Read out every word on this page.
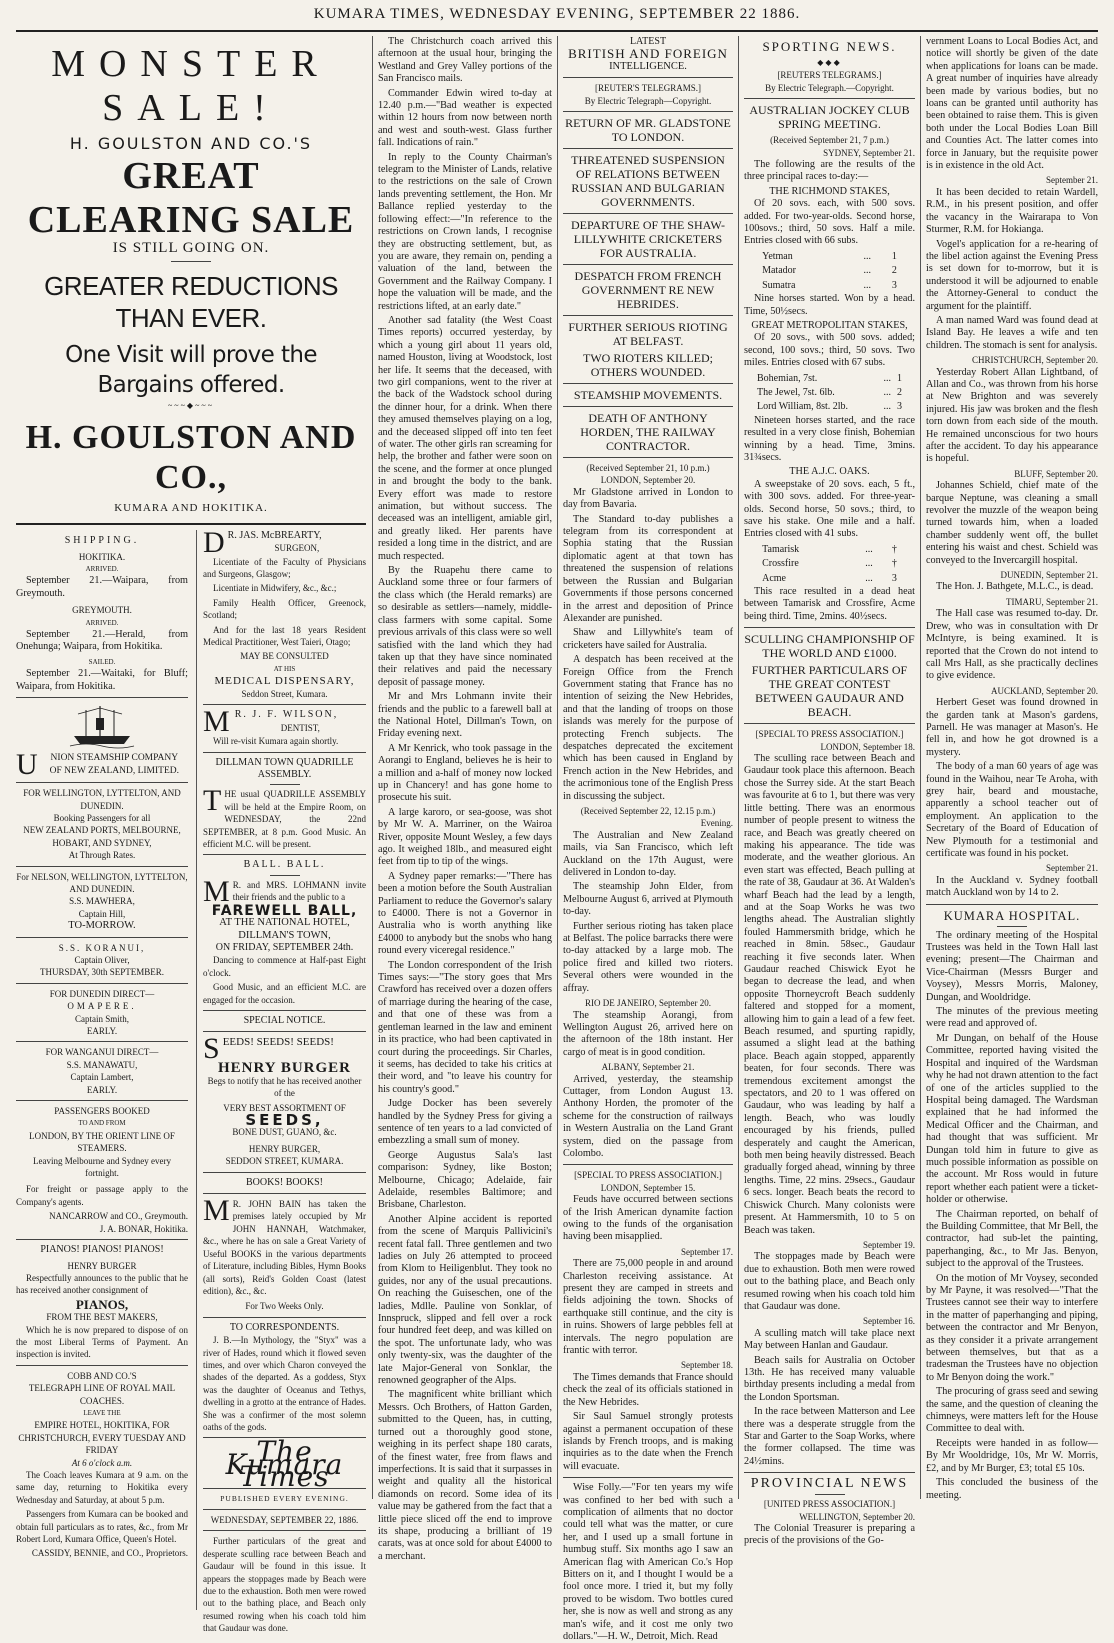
KUMARA TIMES, WEDNESDAY EVENING, SEPTEMBER 22 1886.
MONSTER SALE!
H. GOULSTON AND CO.'S
GREAT CLEARING SALE
IS STILL GOING ON.
GREATER REDUCTIONS THAN EVER.
One Visit will prove the Bargains offered.
~~~◆~~~
H. GOULSTON AND CO.,
KUMARA AND HOKITIKA.
SHIPPING.
HOKITIKA.
ARRIVED.

September 21.—Waipara, from Greymouth.

GREYMOUTH.
ARRIVED.

September 21.—Herald, from Onehunga; Waipara, from Hokitika.

SAILED.

September 21.—Waitaki, for Bluff; Waipara, from Hokitika.

U NION STEAMSHIP COMPANY
OF NEW ZEALAND, LIMITED.
FOR WELLINGTON, LYTTELTON, AND DUNEDIN.
Booking Passengers for all
NEW ZEALAND PORTS, MELBOURNE, HOBART, AND SYDNEY,
At Through Rates.
For NELSON, WELLINGTON, LYTTELTON, AND DUNEDIN.
S.S. MAWHERA,
Captain Hill,
TO-MORROW.
S.S. KORANUI,
Captain Oliver,
THURSDAY, 30th SEPTEMBER.
FOR DUNEDIN DIRECT—
OMAPERE.
Captain Smith,
EARLY.
FOR WANGANUI DIRECT—
S.S. MANAWATU,
Captain Lambert,
EARLY.
PASSENGERS BOOKED
TO AND FROM
LONDON, BY THE ORIENT LINE OF STEAMERS.
Leaving Melbourne and Sydney every fortnight.

For freight or passage apply to the Company's agents.

NANCARROW and CO., Greymouth.
J. A. BONAR, Hokitika.
PIANOS! PIANOS! PIANOS!
HENRY BURGER

Respectfully announces to the public that he has received another consignment of

PIANOS,
FROM THE BEST MAKERS,

Which he is now prepared to dispose of on the most Liberal Terms of Payment. An inspection is invited.

COBB AND CO.'S
TELEGRAPH LINE OF ROYAL MAIL COACHES.
LEAVE THE
EMPIRE HOTEL, HOKITIKA, FOR CHRISTCHURCH, EVERY TUESDAY AND FRIDAY
At 6 o'clock a.m.

The Coach leaves Kumara at 9 a.m. on the same day, returning to Hokitika every Wednesday and Saturday, at about 5 p.m.

Passengers from Kumara can be booked and obtain full particulars as to rates, &c., from Mr Robert Lord, Kumara Office, Queen's Hotel.

CASSIDY, BENNIE, and CO., Proprietors.
D R. JAS. McBREARTY,
SURGEON,

Licentiate of the Faculty of Physicians and Surgeons, Glasgow;

Licentiate in Midwifery, &c., &c.;

Family Health Officer, Greenock, Scotland;

And for the last 18 years Resident Medical Practitioner, West Taieri, Otago;

MAY BE CONSULTED
AT HIS
MEDICAL DISPENSARY,
Seddon Street, Kumara.
M R. J. F. WILSON,
DENTIST,

Will re-visit Kumara again shortly.

DILLMAN TOWN QUADRILLE ASSEMBLY.
THE usual QUADRILLE ASSEMBLY will be held at the Empire Room, on WEDNESDAY, the 22nd SEPTEMBER, at 8 p.m. Good Music. An efficient M.C. will be present.
BALL. BALL.
M R. and MRS. LOHMANN invite their friends and the public to a
FAREWELL BALL,
AT THE NATIONAL HOTEL,
DILLMAN'S TOWN,
ON FRIDAY, SEPTEMBER 24th.

Dancing to commence at Half-past Eight o'clock.

Good Music, and an efficient M.C. are engaged for the occasion.

SPECIAL NOTICE.
SEEDS! SEEDS! SEEDS!
HENRY BURGER

Begs to notify that he has received another of the

VERY BEST ASSORTMENT OF
SEEDS,
BONE DUST, GUANO, &c.
HENRY BURGER,
SEDDON STREET, KUMARA.
BOOKS! BOOKS!
M R. JOHN BAIN has taken the premises lately occupied by Mr JOHN HANNAH, Watchmaker, &c., where he has on sale a Great Variety of Useful BOOKS in the various departments of Literature, including Bibles, Hymn Books (all sorts), Reid's Golden Coast (latest edition), &c., &c.
For Two Weeks Only.
TO CORRESPONDENTS.

J. B.—In Mythology, the "Styx" was a river of Hades, round which it flowed seven times, and over which Charon conveyed the shades of the departed. As a goddess, Styx was the daughter of Oceanus and Tethys, dwelling in a grotto at the entrance of Hades. She was a confirmer of the most solemn oaths of the gods.

The Kumara Times
PUBLISHED EVERY EVENING.
WEDNESDAY, SEPTEMBER 22, 1886.

Further particulars of the great and desperate sculling race between Beach and Gaudaur will be found in this issue. It appears the stoppages made by Beach were due to the exhaustion. Both men were rowed out to the bathing place, and Beach only resumed rowing when his coach told him that Gaudaur was done.

The Christchurch coach arrived this afternoon at the usual hour, bringing the Westland and Grey Valley portions of the San Francisco mails.

Commander Edwin wired to-day at 12.40 p.m.—"Bad weather is expected within 12 hours from now between north and west and south-west. Glass further fall. Indications of rain."

In reply to the County Chairman's telegram to the Minister of Lands, relative to the restrictions on the sale of Crown lands preventing settlement, the Hon. Mr Ballance replied yesterday to the following effect:—"In reference to the restrictions on Crown lands, I recognise they are obstructing settlement, but, as you are aware, they remain on, pending a valuation of the land, between the Government and the Railway Company. I hope the valuation will be made, and the restrictions lifted, at an early date."

Another sad fatality (the West Coast Times reports) occurred yesterday, by which a young girl about 11 years old, named Houston, living at Woodstock, lost her life. It seems that the deceased, with two girl companions, went to the river at the back of the Wadstock school during the dinner hour, for a drink. When there they amused themselves playing on a log, and the deceased slipped off into ten feet of water. The other girls ran screaming for help, the brother and father were soon on the scene, and the former at once plunged in and brought the body to the bank. Every effort was made to restore animation, but without success. The deceased was an intelligent, amiable girl, and greatly liked. Her parents have resided a long time in the district, and are much respected.

By the Ruapehu there came to Auckland some three or four farmers of the class which (the Herald remarks) are so desirable as settlers—namely, middle-class farmers with some capital. Some previous arrivals of this class were so well satisfied with the land which they had taken up that they have since nominated their relatives and paid the necessary deposit of passage money.

Mr and Mrs Lohmann invite their friends and the public to a farewell ball at the National Hotel, Dillman's Town, on Friday evening next.

A Mr Kenrick, who took passage in the Aorangi to England, believes he is heir to a million and a-half of money now locked up in Chancery! and has gone home to prosecute his suit.

A large karoro, or sea-goose, was shot by Mr W. A. Marriner, on the Wairoa River, opposite Mount Wesley, a few days ago. It weighed 18lb., and measured eight feet from tip to tip of the wings.

A Sydney paper remarks:—"There has been a motion before the South Australian Parliament to reduce the Governor's salary to £4000. There is not a Governor in Australia who is worth anything like £4000 to anybody but the snobs who hang round every viceregal residence."

The London correspondent of the Irish Times says:—"The story goes that Mrs Crawford has received over a dozen offers of marriage during the hearing of the case, and that one of these was from a gentleman learned in the law and eminent in its practice, who had been captivated in court during the proceedings. Sir Charles, it seems, has decided to take his critics at their word, and "to leave his country for his country's good."

Judge Docker has been severely handled by the Sydney Press for giving a sentence of ten years to a lad convicted of embezzling a small sum of money.

George Augustus Sala's last comparison: Sydney, like Boston; Melbourne, Chicago; Adelaide, fair Adelaide, resembles Baltimore; and Brisbane, Charleston.

Another Alpine accident is reported from the scene of Marquis Pallivicini's recent fatal fall. Three gentlemen and two ladies on July 26 attempted to proceed from Klom to Heiligenblut. They took no guides, nor any of the usual precautions. On reaching the Guiseschen, one of the ladies, Mdlle. Pauline von Sonklar, of Innspruck, slipped and fell over a rock four hundred feet deep, and was killed on the spot. The unfortunate lady, who was only twenty-six, was the daughter of the late Major-General von Sonklar, the renowned geographer of the Alps.

The magnificent white brilliant which Messrs. Och Brothers, of Hatton Garden, submitted to the Queen, has, in cutting, turned out a thoroughly good stone, weighing in its perfect shape 180 carats, of the finest water, free from flaws and imperfections. It is said that it surpasses in weight and quality all the historical diamonds on record. Some idea of its value may be gathered from the fact that a little piece sliced off the end to improve its shape, producing a brilliant of 19 carats, was at once sold for about £4000 to a merchant.

LATEST
BRITISH AND FOREIGN
INTELLIGENCE.
[REUTER'S TELEGRAMS.]
By Electric Telegraph—Copyright.
RETURN OF MR. GLADSTONE TO LONDON.
THREATENED SUSPENSION OF RELATIONS BETWEEN RUSSIAN AND BULGARIAN GOVERNMENTS.
DEPARTURE OF THE SHAW-LILLYWHITE CRICKETERS FOR AUSTRALIA.
DESPATCH FROM FRENCH GOVERNMENT RE NEW HEBRIDES.
FURTHER SERIOUS RIOTING AT BELFAST.
TWO RIOTERS KILLED; OTHERS WOUNDED.
STEAMSHIP MOVEMENTS.
DEATH OF ANTHONY HORDEN, THE RAILWAY CONTRACTOR.
(Received September 21, 10 p.m.)
LONDON, September 20.

Mr Gladstone arrived in London to day from Bavaria.

The Standard to-day publishes a telegram from its correspondent at Sophia stating that the Russian diplomatic agent at that town has threatened the suspension of relations between the Russian and Bulgarian Governments if those persons concerned in the arrest and deposition of Prince Alexander are punished.

Shaw and Lillywhite's team of cricketers have sailed for Australia.

A despatch has been received at the Foreign Office from the French Government stating that France has no intention of seizing the New Hebrides, and that the landing of troops on those islands was merely for the purpose of protecting French subjects. The despatches deprecated the excitement which has been caused in England by French action in the New Hebrides, and the acrimonious tone of the English Press in discussing the subject.

(Received September 22, 12.15 p.m.)
Evening.

The Australian and New Zealand mails, via San Francisco, which left Auckland on the 17th August, were delivered in London to-day.

The steamship John Elder, from Melbourne August 6, arrived at Plymouth to-day.

Further serious rioting has taken place at Belfast. The police barracks there were to-day attacked by a large mob. The police fired and killed two rioters. Several others were wounded in the affray.

RIO DE JANEIRO, September 20.

The steamship Aorangi, from Wellington August 26, arrived here on the afternoon of the 18th instant. Her cargo of meat is in good condition.

ALBANY, September 21.

Arrived, yesterday, the steamship Cuttager, from London August 13. Anthony Horden, the promoter of the scheme for the construction of railways in Western Australia on the Land Grant system, died on the passage from Colombo.

[SPECIAL TO PRESS ASSOCIATION.]
LONDON, September 15.

Feuds have occurred between sections of the Irish American dynamite faction owing to the funds of the organisation having been misapplied.

September 17.

There are 75,000 people in and around Charleston receiving assistance. At present they are camped in streets and fields adjoining the town. Shocks of earthquake still continue, and the city is in ruins. Showers of large pebbles fell at intervals. The negro population are frantic with terror.

September 18.

The Times demands that France should check the zeal of its officials stationed in the New Hebrides.

Sir Saul Samuel strongly protests against a permanent occupation of these islands by French troops, and is making inquiries as to the date when the French will evacuate.

Wise Folly.—"For ten years my wife was confined to her bed with such a complication of ailments that no doctor could tell what was the matter, or cure her, and I used up a small fortune in humbug stuff. Six months ago I saw an American flag with American Co.'s Hop Bitters on it, and I thought I would be a fool once more. I tried it, but my folly proved to be wisdom. Two bottles cured her, she is now as well and strong as any man's wife, and it cost me only two dollars."—H. W., Detroit, Mich. Read

SPORTING NEWS.
◆◆◆
[REUTERS TELEGRAMS.]
By Electric Telegraph.—Copyright.
AUSTRALIAN JOCKEY CLUB SPRING MEETING.
(Received September 21, 7 p.m.)
SYDNEY, September 21.

The following are the results of the three principal races to-day:—

THE RICHMOND STAKES,

Of 20 sovs. each, with 500 sovs. added. For two-year-olds. Second horse, 100sovs.; third, 50 sovs. Half a mile. Entries closed with 66 subs.

Yetman	...	1
Matador	...	2
Sumatra	...	3

Nine horses started. Won by a head. Time, 50½secs.

GREAT METROPOLITAN STAKES,

Of 20 sovs., with 500 sovs. added; second, 100 sovs.; third, 50 sovs. Two miles. Entries closed with 67 subs.

Bohemian, 7st.	...	1
The Jewel, 7st. 6lb.	...	2
Lord William, 8st. 2lb.	...	3

Nineteen horses started, and the race resulted in a very close finish, Bohemian winning by a head. Time, 3mins. 31¾secs.

THE A.J.C. OAKS.

A sweepstake of 20 sovs. each, 5 ft., with 300 sovs. added. For three-year-olds. Second horse, 50 sovs.; third, to save his stake. One mile and a half. Entries closed with 41 subs.

Tamarisk	...	†
Crossfire	...	†
Acme	...	3

This race resulted in a dead heat between Tamarisk and Crossfire, Acme being third. Time, 2mins. 40½secs.

SCULLING CHAMPIONSHIP OF THE WORLD AND £1000.
FURTHER PARTICULARS OF THE GREAT CONTEST BETWEEN GAUDAUR AND BEACH.
[SPECIAL TO PRESS ASSOCIATION.]
LONDON, September 18.

The sculling race between Beach and Gaudaur took place this afternoon. Beach chose the Surrey side. At the start Beach was favourite at 6 to 1, but there was very little betting. There was an enormous number of people present to witness the race, and Beach was greatly cheered on making his appearance. The tide was moderate, and the weather glorious. An even start was effected, Beach pulling at the rate of 38, Gaudaur at 36. At Walden's wharf Beach had the lead by a length, and at the Soap Works he was two lengths ahead. The Australian slightly fouled Hammersmith bridge, which he reached in 8min. 58sec., Gaudaur reaching it five seconds later. When Gaudaur reached Chiswick Eyot he began to decrease the lead, and when opposite Thorneycroft Beach suddenly faltered and stopped for a moment, allowing him to gain a lead of a few feet. Beach resumed, and spurting rapidly, assumed a slight lead at the bathing place. Beach again stopped, apparently beaten, for four seconds. There was tremendous excitement amongst the spectators, and 20 to 1 was offered on Gaudaur, who was leading by half a length. Beach, who was loudly encouraged by his friends, pulled desperately and caught the American, both men being heavily distressed. Beach gradually forged ahead, winning by three lengths. Time, 22 mins. 29secs., Gaudaur 6 secs. longer. Beach beats the record to Chiswick Church. Many colonists were present. At Hammersmith, 10 to 5 on Beach was taken.

September 19.

The stoppages made by Beach were due to exhaustion. Both men were rowed out to the bathing place, and Beach only resumed rowing when his coach told him that Gaudaur was done.

September 16.

A sculling match will take place next May between Hanlan and Gaudaur.

Beach sails for Australia on October 13th. He has received many valuable birthday presents including a medal from the London Sportsman.

In the race between Matterson and Lee there was a desperate struggle from the Star and Garter to the Soap Works, where the former collapsed. The time was 24½mins.

PROVINCIAL NEWS
[UNITED PRESS ASSOCIATION.]
WELLINGTON, September 20.

The Colonial Treasurer is preparing a precis of the provisions of the Go-

vernment Loans to Local Bodies Act, and notice will shortly be given of the date when applications for loans can be made. A great number of inquiries have already been made by various bodies, but no loans can be granted until authority has been obtained to raise them. This is given both under the Local Bodies Loan Bill and Counties Act. The latter comes into force in January, but the requisite power is in existence in the old Act.

September 21.

It has been decided to retain Wardell, R.M., in his present position, and offer the vacancy in the Wairarapa to Von Sturmer, R.M. for Hokianga.

Vogel's application for a re-hearing of the libel action against the Evening Press is set down for to-morrow, but it is understood it will be adjourned to enable the Attorney-General to conduct the argument for the plaintiff.

A man named Ward was found dead at Island Bay. He leaves a wife and ten children. The stomach is sent for analysis.

CHRISTCHURCH, September 20.

Yesterday Robert Allan Lightband, of Allan and Co., was thrown from his horse at New Brighton and was severely injured. His jaw was broken and the flesh torn down from each side of the mouth. He remained unconscious for two hours after the accident. To day his appearance is hopeful.

BLUFF, September 20.

Johannes Schield, chief mate of the barque Neptune, was cleaning a small revolver the muzzle of the weapon being turned towards him, when a loaded chamber suddenly went off, the bullet entering his waist and chest. Schield was conveyed to the Invercargill hospital.

DUNEDIN, September 21.

The Hon. J. Bathgete, M.L.C., is dead.

TIMARU, September 21.

The Hall case was resumed to-day. Dr. Drew, who was in consultation with Dr McIntyre, is being examined. It is reported that the Crown do not intend to call Mrs Hall, as she practically declines to give evidence.

AUCKLAND, September 20.

Herbert Geset was found drowned in the garden tank at Mason's gardens, Parnell. He was manager at Mason's. He fell in, and how he got drowned is a mystery.

The body of a man 60 years of age was found in the Waihou, near Te Aroha, with grey hair, beard and moustache, apparently a school teacher out of employment. An application to the Secretary of the Board of Education of New Plymouth for a testimonial and certificate was found in his pocket.

September 21.

In the Auckland v. Sydney football match Auckland won by 14 to 2.

KUMARA HOSPITAL.

The ordinary meeting of the Hospital Trustees was held in the Town Hall last evening; present—The Chairman and Vice-Chairman (Messrs Burger and Voysey), Messrs Morris, Maloney, Dungan, and Wooldridge.

The minutes of the previous meeting were read and approved of.

Mr Dungan, on behalf of the House Committee, reported having visited the Hospital and inquired of the Wardsman why he had not drawn attention to the fact of one of the articles supplied to the Hospital being damaged. The Wardsman explained that he had informed the Medical Officer and the Chairman, and had thought that was sufficient. Mr Dungan told him in future to give as much possible information as possible on the account. Mr Ross would in future report whether each patient were a ticket-holder or otherwise.

The Chairman reported, on behalf of the Building Committee, that Mr Bell, the contractor, had sub-let the painting, paperhanging, &c., to Mr Jas. Benyon, subject to the approval of the Trustees.

On the motion of Mr Voysey, seconded by Mr Payne, it was resolved—"That the Trustees cannot see their way to interfere in the matter of paperhanging and piping, between the contractor and Mr Benyon, as they consider it a private arrangement between themselves, but that as a tradesman the Trustees have no objection to Mr Benyon doing the work."

The procuring of grass seed and sewing the same, and the question of cleaning the chimneys, were matters left for the House Committee to deal with.

Receipts were handed in as follow—By Mr Wooldridge, 10s, Mr W. Morris, £2, and by Mr Burger, £3; total £5 10s.

This concluded the business of the meeting.
